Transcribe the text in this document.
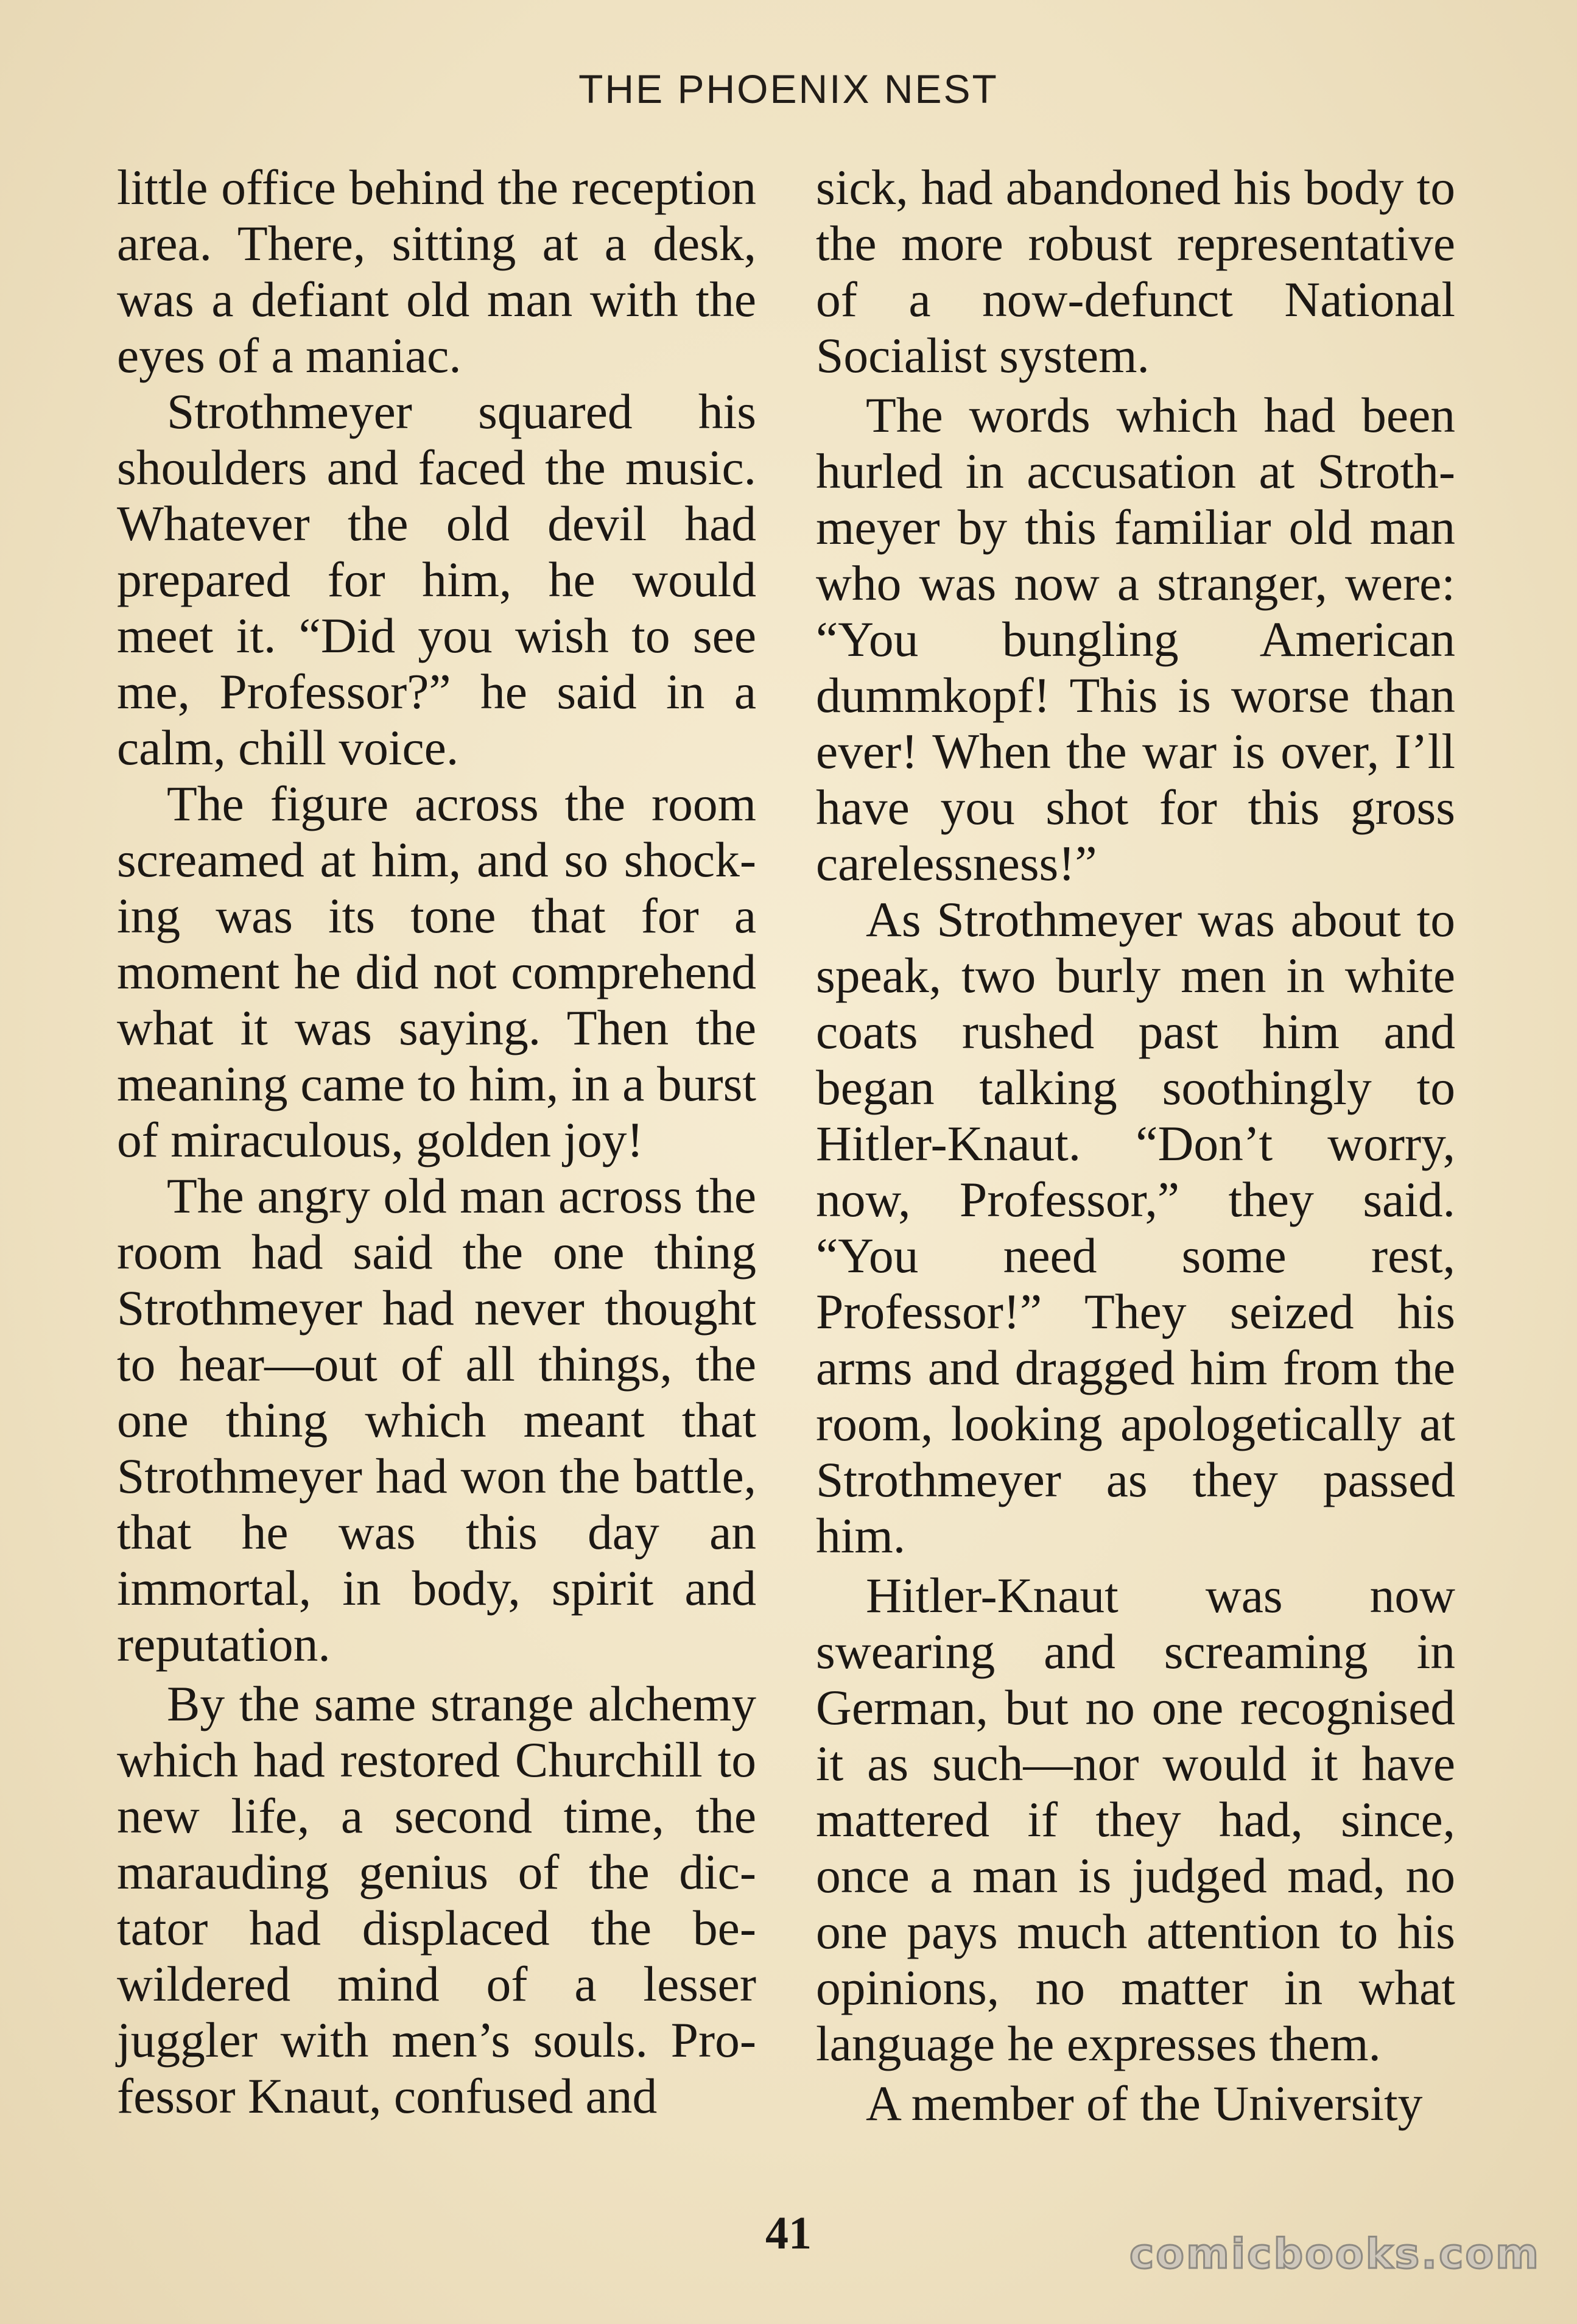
THE PHOENIX NEST

little office behind the reception area. There, sitting at a desk, was a defiant old man with the eyes of a maniac.

Strothmeyer squared his shoulders and faced the music. Whatever the old devil had prepared for him, he would meet it. “Did you wish to see me, Professor?” he said in a calm, chill voice.

The figure across the room screamed at him, and so shocking was its tone that for a moment he did not comprehend what it was saying. Then the meaning came to him, in a burst of miraculous, golden joy!

The angry old man across the room had said the one thing Strothmeyer had never thought to hear—out of all things, the one thing which meant that Strothmeyer had won the battle, that he was this day an immortal, in body, spirit and reputation.

By the same strange alchemy which had restored Churchill to new life, a second time, the marauding genius of the dictator had displaced the bewildered mind of a lesser juggler with men’s souls. Professor Knaut, confused and

sick, had abandoned his body to the more robust representative of a now-defunct National Socialist system.

The words which had been hurled in accusation at Strothmeyer by this familiar old man who was now a stranger, were: “You bungling American dummkopf! This is worse than ever! When the war is over, I’ll have you shot for this gross carelessness!”

As Strothmeyer was about to speak, two burly men in white coats rushed past him and began talking soothingly to Hitler-Knaut. “Don’t worry, now, Professor,” they said. “You need some rest, Professor!” They seized his arms and dragged him from the room, looking apologetically at Strothmeyer as they passed him.

Hitler-Knaut was now swearing and screaming in German, but no one recognised it as such—nor would it have mattered if they had, since, once a man is judged mad, no one pays much attention to his opinions, no matter in what language he expresses them.

A member of the University

41	comicbooks.com
